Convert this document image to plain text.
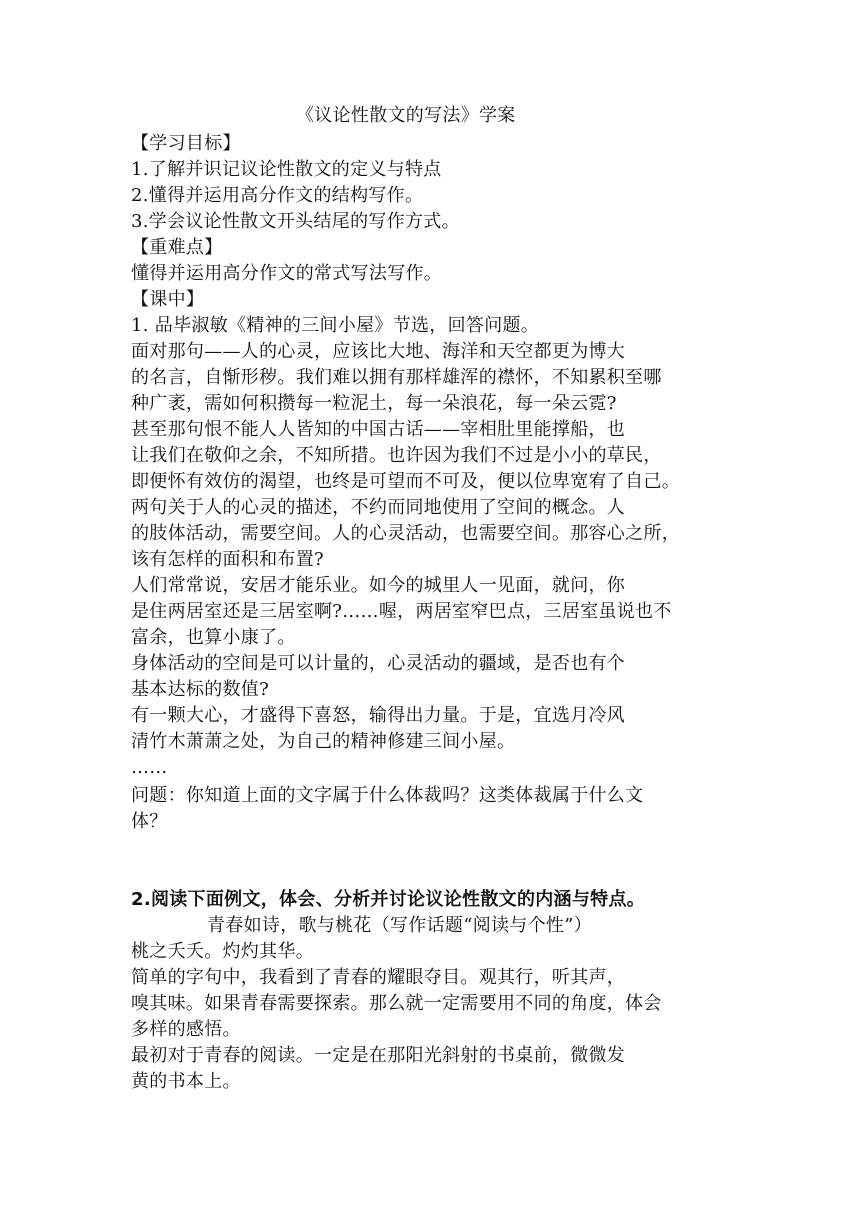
《议论性散文的写法》学案
【学习目标】
1.了解并识记议论性散文的定义与特点
2.懂得并运用高分作文的结构写作。
3.学会议论性散文开头结尾的写作方式。
【重难点】
懂得并运用高分作文的常式写法写作。
【课中】
1. 品毕淑敏《精神的三间小屋》节选，回答问题。
面对那句——人的心灵，应该比大地、海洋和天空都更为博大
的名言，自惭形秽。我们难以拥有那样雄浑的襟怀，不知累积至哪
种广袤，需如何积攒每一粒泥土，每一朵浪花，每一朵云霓?
甚至那句恨不能人人皆知的中国古话——宰相肚里能撑船，也
让我们在敬仰之余，不知所措。也许因为我们不过是小小的草民，
即便怀有效仿的渴望，也终是可望而不可及，便以位卑宽宥了自己。
两句关于人的心灵的描述，不约而同地使用了空间的概念。人
的肢体活动，需要空间。人的心灵活动，也需要空间。那容心之所，
该有怎样的面积和布置?
人们常常说，安居才能乐业。如今的城里人一见面，就问，你
是住两居室还是三居室啊?……喔，两居室窄巴点，三居室虽说也不
富余，也算小康了。
身体活动的空间是可以计量的，心灵活动的疆域，是否也有个
基本达标的数值?
有一颗大心，才盛得下喜怒，输得出力量。于是，宜选月冷风
清竹木萧萧之处，为自己的精神修建三间小屋。
……
问题：你知道上面的文字属于什么体裁吗？这类体裁属于什么文
体？
2.阅读下面例文，体会、分析并讨论议论性散文的内涵与特点。
青春如诗，歌与桃花（写作话题“阅读与个性”）
桃之夭夭。灼灼其华。
简单的字句中，我看到了青春的耀眼夺目。观其行，听其声，
嗅其味。如果青春需要探索。那么就一定需要用不同的角度，体会
多样的感悟。
最初对于青春的阅读。一定是在那阳光斜射的书桌前，微微发
黄的书本上。
